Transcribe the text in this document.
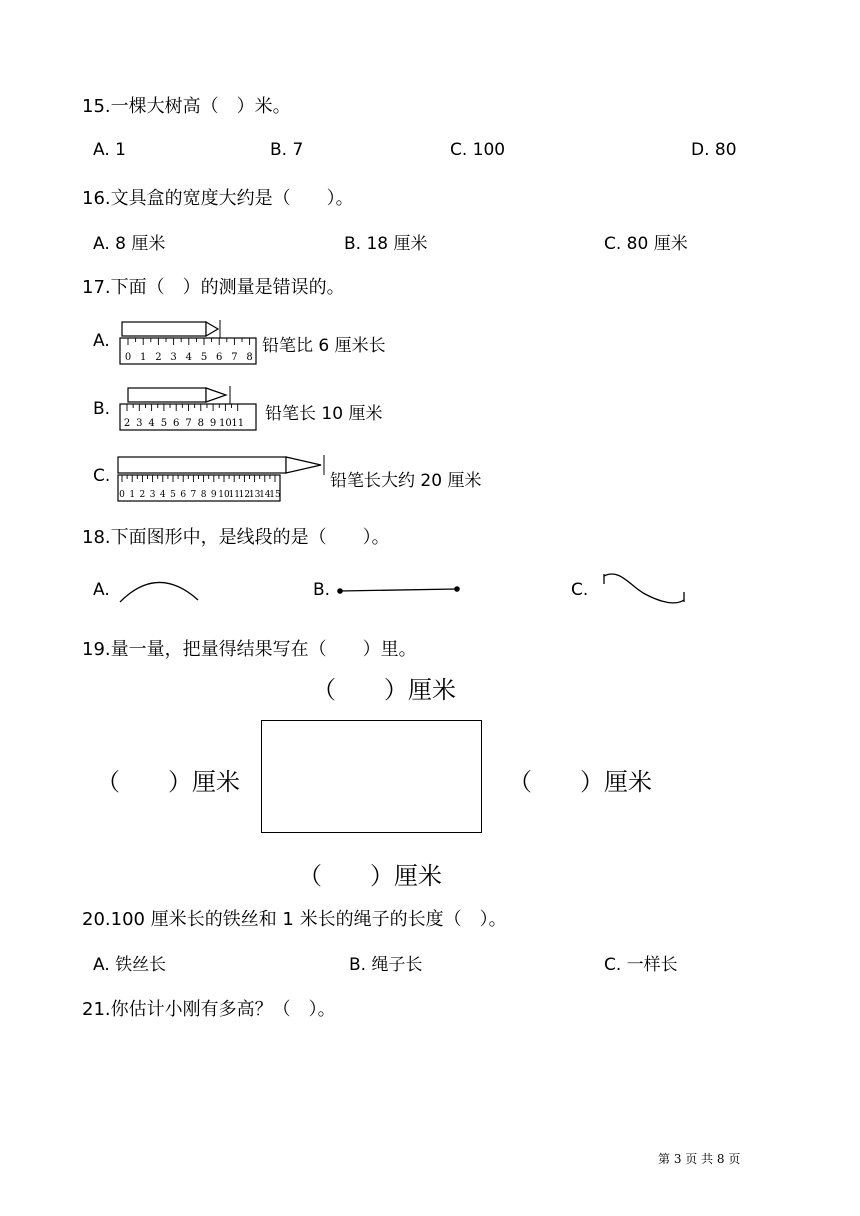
15.一棵大树高（　）米。
A. 1	B. 7	C. 100	D. 80
16.文具盒的宽度大约是（　　）。
A. 8 厘米	B. 18 厘米	C. 80 厘米
17.下面（　）的测量是错误的。
A.
0 1 2 3 4 5 6 7 8
铅笔比 6 厘米长
B.
2 3 4 5 6 7 8 9 10 11 铅笔长 10 厘米
C.
0 1 2 3 4 5 6 7 8 9 10
11
12
13
14
15
铅笔长大约 20 厘米
18.下面图形中，是线段的是（　　）。
A.	B.	C.
19.量一量，把量得结果写在（　　）里。
（　　）厘米
（　　）厘米	（　　）厘米
（　　）厘米
20.100 厘米长的铁丝和 1 米长的绳子的长度（　）。
A. 铁丝长	B. 绳子长	C. 一样长
21.你估计小刚有多高？（　）。
第 3 页 共 8 页
